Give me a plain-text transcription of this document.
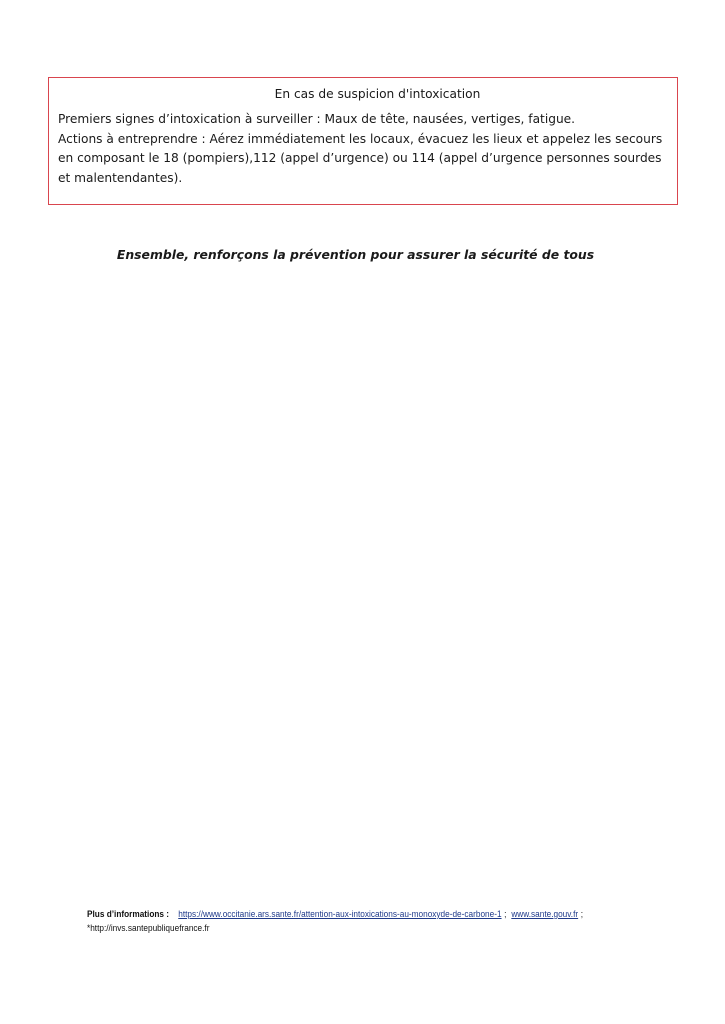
En cas de suspicion d'intoxication

Premiers signes d’intoxication à surveiller : Maux de tête, nausées, vertiges, fatigue.

Actions à entreprendre : Aérez immédiatement les locaux, évacuez les lieux et appelez les secours en composant le 18 (pompiers),112 (appel d’urgence) ou 114 (appel d’urgence personnes sourdes et malentendantes).

Ensemble, renforçons la prévention pour assurer la sécurité de tous
Plus d’informations : https://www.occitanie.ars.sante.fr/attention-aux-intoxications-au-monoxyde-de-carbone-1 ; www.sante.gouv.fr ;
*http://invs.santepubliquefrance.fr
